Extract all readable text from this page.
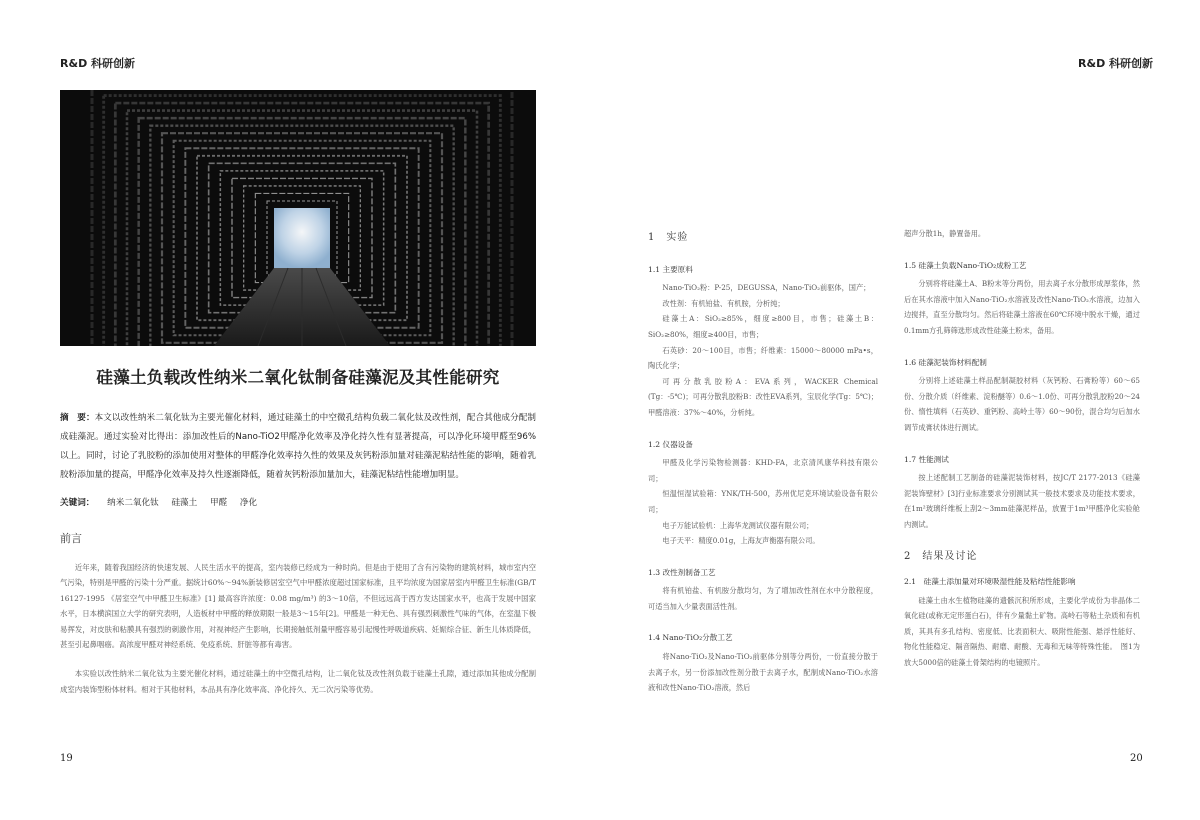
R&D 科研创新	R&D 科研创新
硅藻土负载改性纳米二氧化钛制备硅藻泥及其性能研究
摘　要：本文以改性纳米二氧化钛为主要光催化材料，通过硅藻土的中空微孔结构负载二氧化钛及改性剂，配合其他成分配制成硅藻泥。通过实验对比得出：添加改性后的Nano-TiO2甲醛净化效率及净化持久性有显著提高，可以净化环境甲醛至96%以上。同时，讨论了乳胶粉的添加使用对整体的甲醛净化效率持久性的效果及灰钙粉添加量对硅藻泥粘结性能的影响，随着乳胶粉添加量的提高，甲醛净化效率及持久性逐渐降低，随着灰钙粉添加量加大，硅藻泥粘结性能增加明显。
关键词： 纳米二氧化钛 硅藻土 甲醛 净化
前言

近年来，随着我国经济的快速发展、人民生活水平的提高，室内装修已经成为一种时尚。但是由于使用了含有污染物的建筑材料，城市室内空气污染，特别是甲醛的污染十分严重。据统计60%～94%新装修居室空气中甲醛浓度超过国家标准，且平均浓度为国家居室内甲醛卫生标准(GB/T 16127-1995 《居室空气中甲醛卫生标准》[1] 最高容许浓度：0.08 mg/m³) 的3～10倍，不但远远高于西方发达国家水平，也高于发展中国家水平，日本横滨国立大学的研究表明，人造板材中甲醛的释放期限一般是3～15年[2]。甲醛是一种无色、具有强烈刺激性气味的气体，在室温下极易挥发，对皮肤和粘膜具有强烈的刺激作用，对视神经产生影响，长期接触低剂量甲醛容易引起慢性呼吸道疾病、妊娠综合征、新生儿体质降低，甚至引起鼻咽癌。高浓度甲醛对神经系统、免疫系统、肝脏等都有毒害。

本实验以改性纳米二氧化钛为主要光催化材料，通过硅藻土的中空微孔结构，让二氧化钛及改性剂负载于硅藻土孔隙，通过添加其他成分配制成室内装饰型粉体材料。相对于其他材料，本品具有净化效率高、净化持久、无二次污染等优势。

19	20
1　实验
1.1 主要原料

Nano-TiO₂粉：P-25，DEGUSSA，Nano-TiO₂前驱体，国产；

改性剂：有机铂盐、有机胺，分析纯；

硅藻土A：SiO₂≥85%，细度≥800目，市售；硅藻土B：SiO₂≥80%，细度≥400目，市售；

石英砂：20～100目，市售；纤维素：15000～80000 mPa•s，陶氏化学；

可再分散乳胶粉A：EVA系列，WACKER Chemical (Tg：-5℃)；可再分散乳胶粉B：改性EVA系列，宝辰化学(Tg：5℃)；甲醛溶液：37%～40%，分析纯。

1.2 仪器设备

甲醛及化学污染物检测器：KHD-FA，北京清风康华科技有限公司；

恒温恒湿试验箱：YNK/TH-500，苏州优尼克环境试验设备有限公司；

电子万能试验机：上海华龙测试仪器有限公司；

电子天平：精度0.01g，上海友声衡器有限公司。

1.3 改性剂制备工艺

将有机铂盐、有机胺分散均匀，为了增加改性剂在水中分散程度，可适当加入少量表面活性剂。

1.4 Nano-TiO₂分散工艺

将Nano-TiO₂及Nano-TiO₂前驱体分别等分两份，一份直接分散于去离子水，另一份添加改性剂分散于去离子水，配制成Nano-TiO₂水溶液和改性Nano-TiO₂溶液，然后

超声分散1h，静置备用。

1.5 硅藻土负载Nano-TiO₂成粉工艺

分别将将硅藻土A、B粉末等分两份，用去离子水分散形成厚浆体，然后在其水溶液中加入Nano-TiO₂水溶液及改性Nano-TiO₂水溶液，边加入边搅拌，直至分散均匀。然后将硅藻土溶液在60℃环境中脱水干燥，通过0.1mm方孔筛筛选形成改性硅藻土粉末，备用。

1.6 硅藻泥装饰材料配制

分别将上述硅藻土样品配制凝胶材料（灰钙粉、石膏粉等）60～65份、分散介质（纤维素、淀粉醚等）0.6～1.0份、可再分散乳胶粉20～24份、惰性填料（石英砂、重钙粉、高岭土等）60～90份，混合均匀后加水调节成膏状体进行测试。

1.7 性能测试

按上述配制工艺制备的硅藻泥装饰材料，按JC/T 2177-2013《硅藻泥装饰壁材》[3]行业标准要求分别测试其一般技术要求及功能技术要求，在1m²玻璃纤维板上刮2～3mm硅藻泥样品，放置于1m³甲醛净化实验舱内测试。

2　结果及讨论
2.1　硅藻土添加量对环境吸湿性能及粘结性能影响

硅藻土由水生植物硅藻的遗骸沉积所形成，主要化学成份为非晶体二氧化硅(或称无定形蛋白石)，伴有少量黏土矿物。高岭石等粘土杂质和有机质，其具有多孔结构、密度低、比表面积大、吸附性能强、悬浮性能好、物化性能稳定、隔音隔热、耐磨、耐酸、无毒和无味等特殊性能。　图1为放大5000倍的硅藻土骨架结构的电镜照片。
